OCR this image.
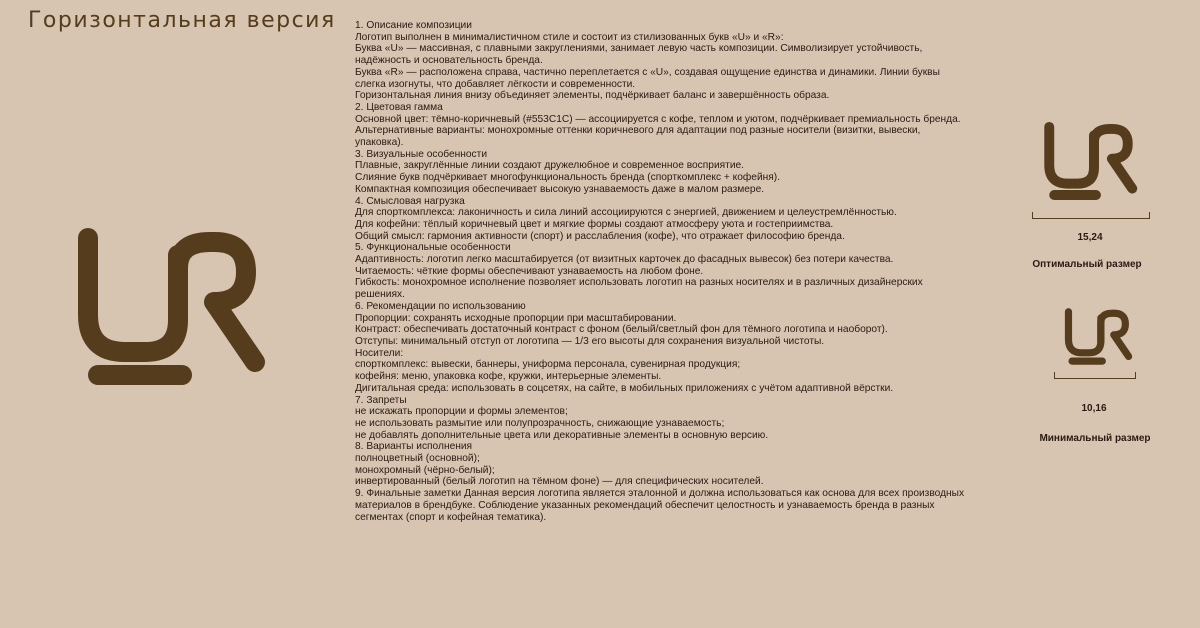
Горизонтальная версия 1. Описание композиции

Логотип выполнен в минималистичном стиле и состоит из стилизованных букв «U» и «R»:

Буква «U» — массивная, с плавными закруглениями, занимает левую часть композиции. Символизирует устойчивость, надёжность и основательность бренда.

Буква «R» — расположена справа, частично переплетается с «U», создавая ощущение единства и динамики. Линии буквы слегка изогнуты, что добавляет лёгкости и современности.

Горизонтальная линия внизу объединяет элементы, подчёркивает баланс и завершённость образа.

2. Цветовая гамма

Основной цвет: тёмно-коричневый (#553C1C) — ассоциируется с кофе, теплом и уютом, подчёркивает премиальность бренда.

Альтернативные варианты: монохромные оттенки коричневого для адаптации под разные носители (визитки, вывески, упаковка).

3. Визуальные особенности

Плавные, закруглённые линии создают дружелюбное и современное восприятие.

Слияние букв подчёркивает многофункциональность бренда (спорткомплекс + кофейня).

Компактная композиция обеспечивает высокую узнаваемость даже в малом размере.

4. Смысловая нагрузка

Для спорткомплекса: лаконичность и сила линий ассоциируются с энергией, движением и целеустремлённостью.

Для кофейни: тёплый коричневый цвет и мягкие формы создают атмосферу уюта и гостеприимства.

Общий смысл: гармония активности (спорт) и расслабления (кофе), что отражает философию бренда.

5. Функциональные особенности

Адаптивность: логотип легко масштабируется (от визитных карточек до фасадных вывесок) без потери качества.

Читаемость: чёткие формы обеспечивают узнаваемость на любом фоне.

Гибкость: монохромное исполнение позволяет использовать логотип на разных носителях и в различных дизайнерских решениях.

6. Рекомендации по использованию

Пропорции: сохранять исходные пропорции при масштабировании.

Контраст: обеспечивать достаточный контраст с фоном (белый/светлый фон для тёмного логотипа и наоборот).

Отступы: минимальный отступ от логотипа — 1/3 его высоты для сохранения визуальной чистоты.

Носители:

спорткомплекс: вывески, баннеры, униформа персонала, сувенирная продукция;

кофейня: меню, упаковка кофе, кружки, интерьерные элементы.

Дигитальная среда: использовать в соцсетях, на сайте, в мобильных приложениях с учётом адаптивной вёрстки.

7. Запреты

не искажать пропорции и формы элементов;

не использовать размытие или полупрозрачность, снижающие узнаваемость;

не добавлять дополнительные цвета или декоративные элементы в основную версию.

8. Варианты исполнения

полноцветный (основной);

монохромный (чёрно-белый);

инвертированный (белый логотип на тёмном фоне) — для специфических носителей.

9. Финальные заметки Данная версия логотипа является эталонной и должна использоваться как основа для всех производных материалов в брендбуке. Соблюдение указанных рекомендаций обеспечит целостность и узнаваемость бренда в разных сегментах (спорт и кофейная тематика).

15,24
Оптимальный размер
10,16
Минимальный размер
